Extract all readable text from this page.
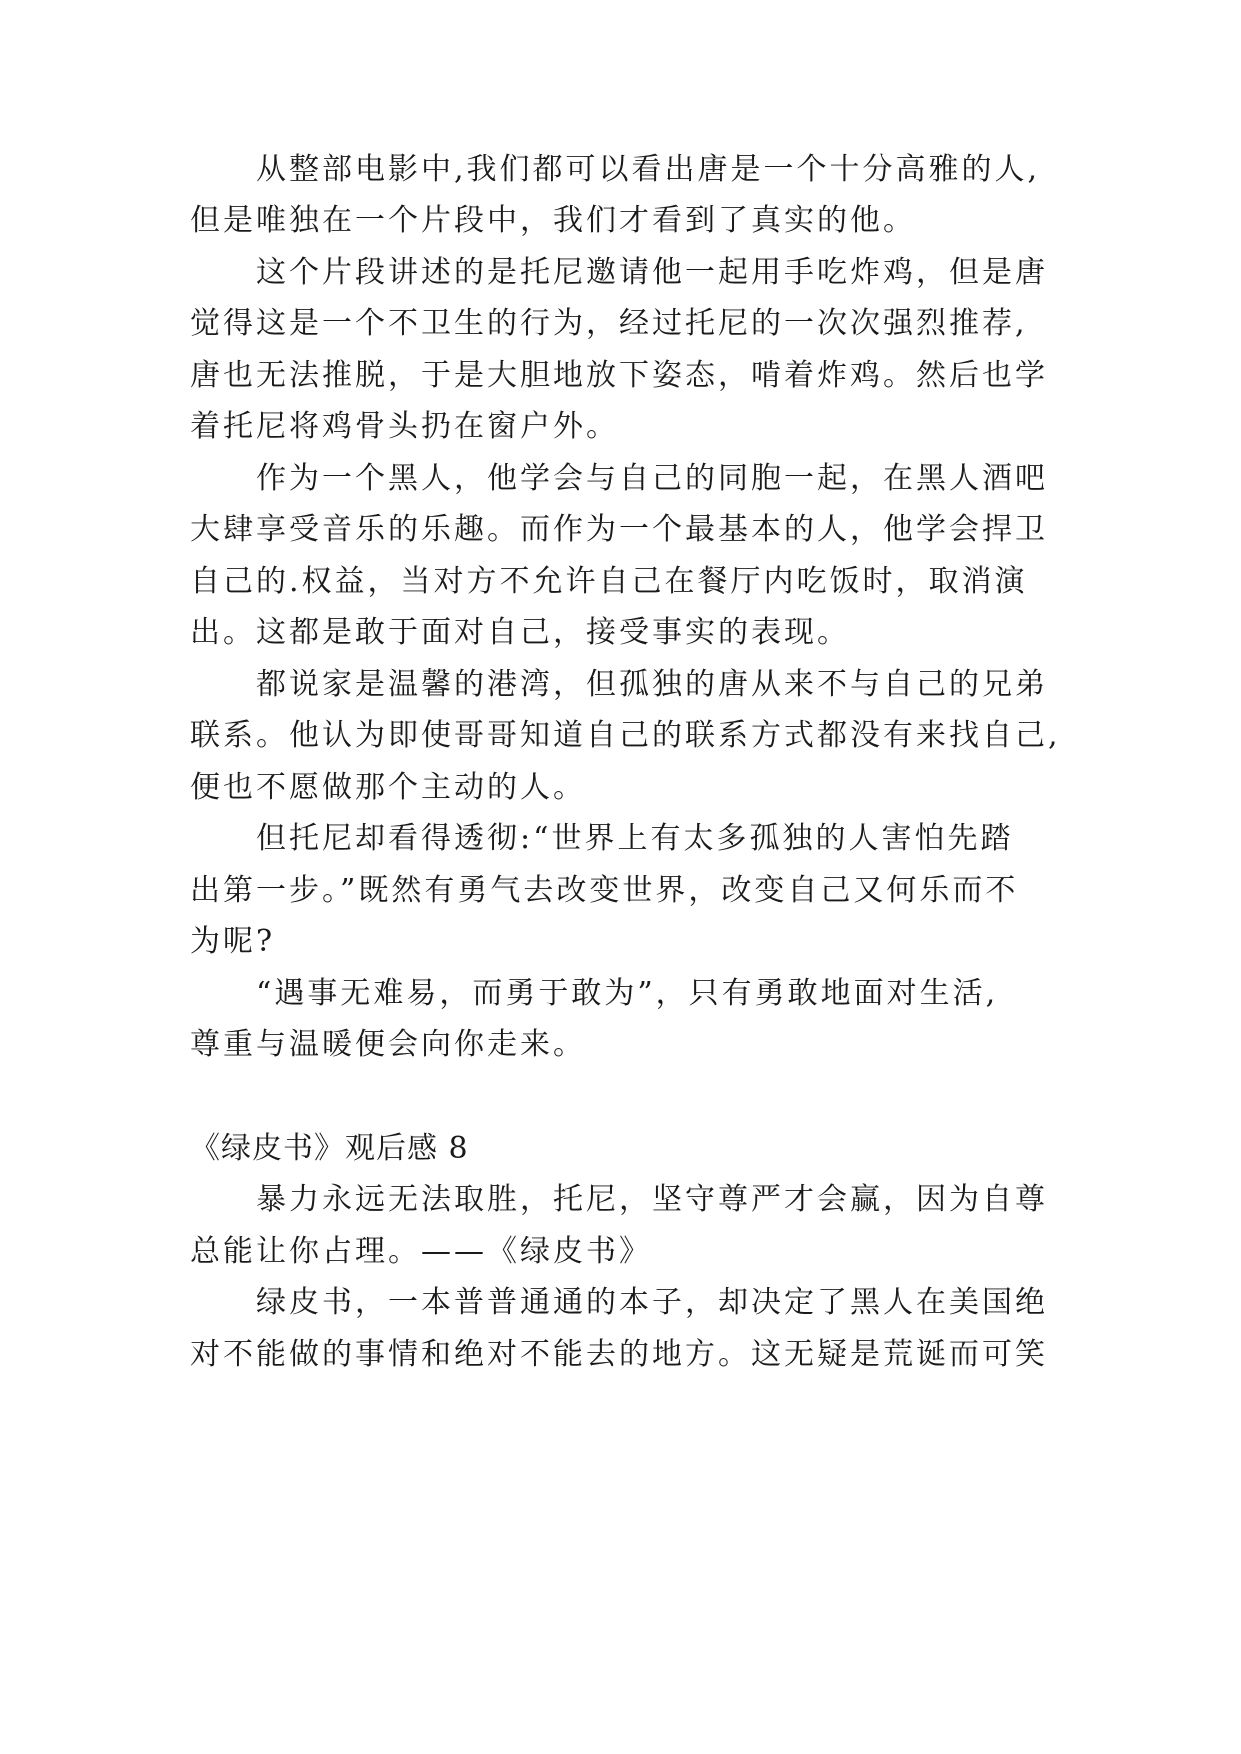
从整部电影中,我们都可以看出唐是一个十分高雅的人,
但是唯独在一个片段中，我们才看到了真实的他。
这个片段讲述的是托尼邀请他一起用手吃炸鸡，但是唐
觉得这是一个不卫生的行为，经过托尼的一次次强烈推荐,
唐也无法推脱，于是大胆地放下姿态，啃着炸鸡。然后也学
着托尼将鸡骨头扔在窗户外。
作为一个黑人，他学会与自己的同胞一起，在黑人酒吧
大肆享受音乐的乐趣。而作为一个最基本的人，他学会捍卫
自己的.权益，当对方不允许自己在餐厅内吃饭时，取消演
出。这都是敢于面对自己，接受事实的表现。
都说家是温馨的港湾，但孤独的唐从来不与自己的兄弟
联系。他认为即使哥哥知道自己的联系方式都没有来找自己,
便也不愿做那个主动的人。
但托尼却看得透彻:“世界上有太多孤独的人害怕先踏
出第一步。”既然有勇气去改变世界，改变自己又何乐而不
为呢?
“遇事无难易，而勇于敢为”，只有勇敢地面对生活,
尊重与温暖便会向你走来。
《绿皮书》观后感 8
暴力永远无法取胜，托尼，坚守尊严才会赢，因为自尊
总能让你占理。——《绿皮书》
绿皮书，一本普普通通的本子，却决定了黑人在美国绝
对不能做的事情和绝对不能去的地方。这无疑是荒诞而可笑
